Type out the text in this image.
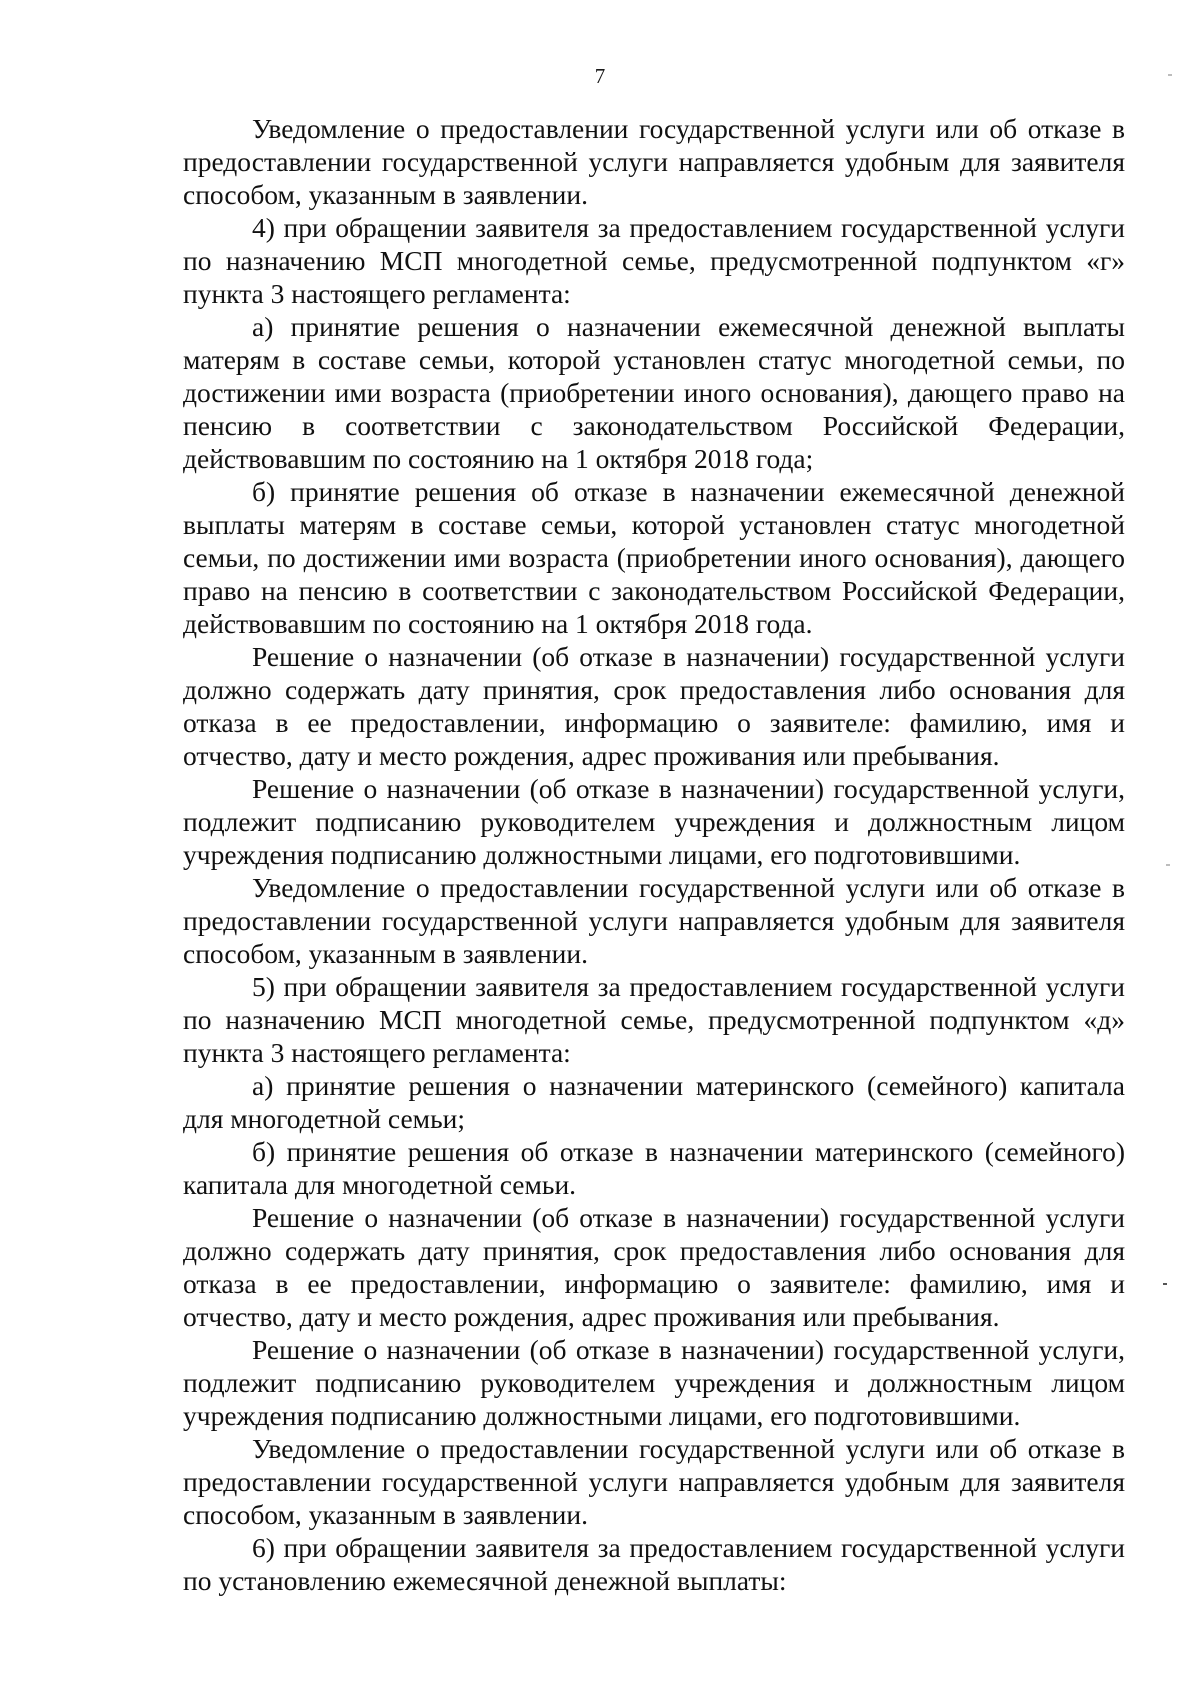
7

Уведомление о предоставлении государственной услуги или об отказе в предоставлении государственной услуги направляется удобным для заявителя способом, указанным в заявлении.

4) при обращении заявителя за предоставлением государственной услуги по назначению МСП многодетной семье, предусмотренной подпунктом «г» пункта 3 настоящего регламента:

а) принятие решения о назначении ежемесячной денежной выплаты матерям в составе семьи, которой установлен статус многодетной семьи, по достижении ими возраста (приобретении иного основания), дающего право на пенсию в соответствии с законодательством Российской Федерации, действовавшим по состоянию на 1 октября 2018 года;

б) принятие решения об отказе в назначении ежемесячной денежной выплаты матерям в составе семьи, которой установлен статус многодетной семьи, по достижении ими возраста (приобретении иного основания), дающего право на пенсию в соответствии с законодательством Российской Федерации, действовавшим по состоянию на 1 октября 2018 года.

Решение о назначении (об отказе в назначении) государственной услуги должно содержать дату принятия, срок предоставления либо основания для отказа в ее предоставлении, информацию о заявителе: фамилию, имя и отчество, дату и место рождения, адрес проживания или пребывания.

Решение о назначении (об отказе в назначении) государственной услуги, подлежит подписанию руководителем учреждения и должностным лицом учреждения подписанию должностными лицами, его подготовившими.

Уведомление о предоставлении государственной услуги или об отказе в предоставлении государственной услуги направляется удобным для заявителя способом, указанным в заявлении.

5) при обращении заявителя за предоставлением государственной услуги по назначению МСП многодетной семье, предусмотренной подпунктом «д» пункта 3 настоящего регламента:

а) принятие решения о назначении материнского (семейного) капитала для многодетной семьи;

б) принятие решения об отказе в назначении материнского (семейного) капитала для многодетной семьи.

Решение о назначении (об отказе в назначении) государственной услуги должно содержать дату принятия, срок предоставления либо основания для отказа в ее предоставлении, информацию о заявителе: фамилию, имя и отчество, дату и место рождения, адрес проживания или пребывания.

Решение о назначении (об отказе в назначении) государственной услуги, подлежит подписанию руководителем учреждения и должностным лицом учреждения подписанию должностными лицами, его подготовившими.

Уведомление о предоставлении государственной услуги или об отказе в предоставлении государственной услуги направляется удобным для заявителя способом, указанным в заявлении.

6) при обращении заявителя за предоставлением государственной услуги по установлению ежемесячной денежной выплаты:
